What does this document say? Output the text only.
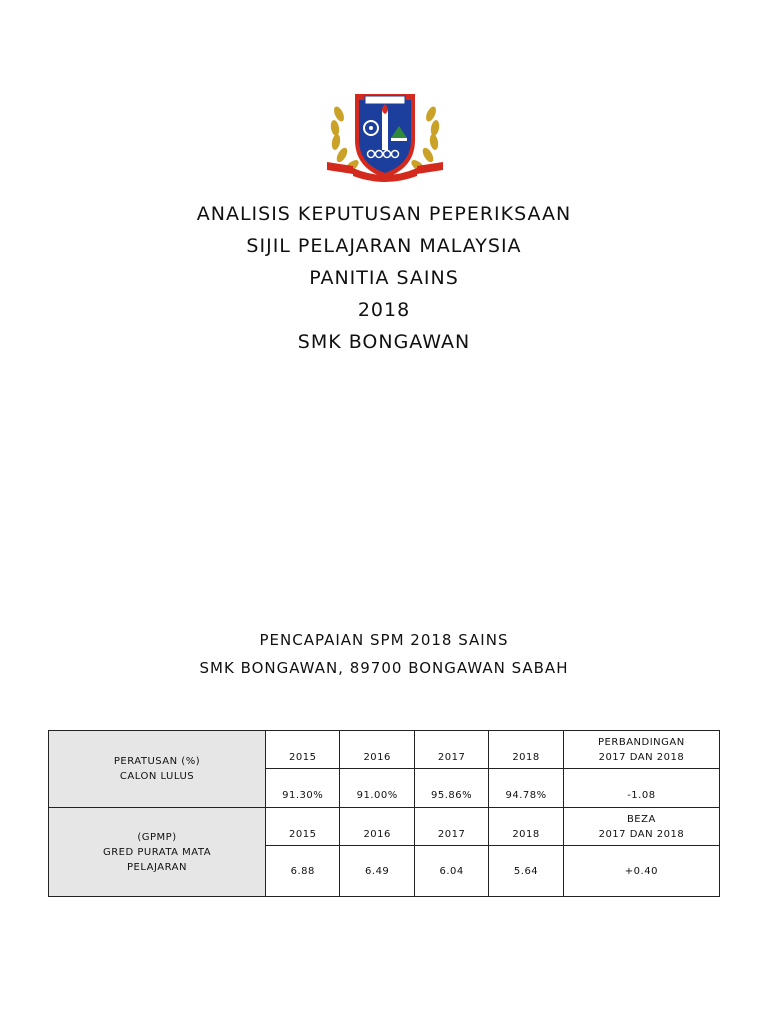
ANALISIS KEPUTUSAN PEPERIKSAAN
SIJIL PELAJARAN MALAYSIA
PANITIA SAINS
2018
SMK BONGAWAN
PENCAPAIAN SPM 2018 SAINS
SMK BONGAWAN, 89700 BONGAWAN SABAH
PERATUSAN (%)
CALON LULUS	2015	2016	2017	2018	PERBANDINGAN
2017 DAN 2018

	91.30%	91.00%	95.86%	94.78%	-1.08

(GPMP)
GRED PURATA MATA
PELAJARAN	2015	2016	2017	2018	BEZA
2017 DAN 2018

	6.88	6.49	6.04	5.64	+0.40
